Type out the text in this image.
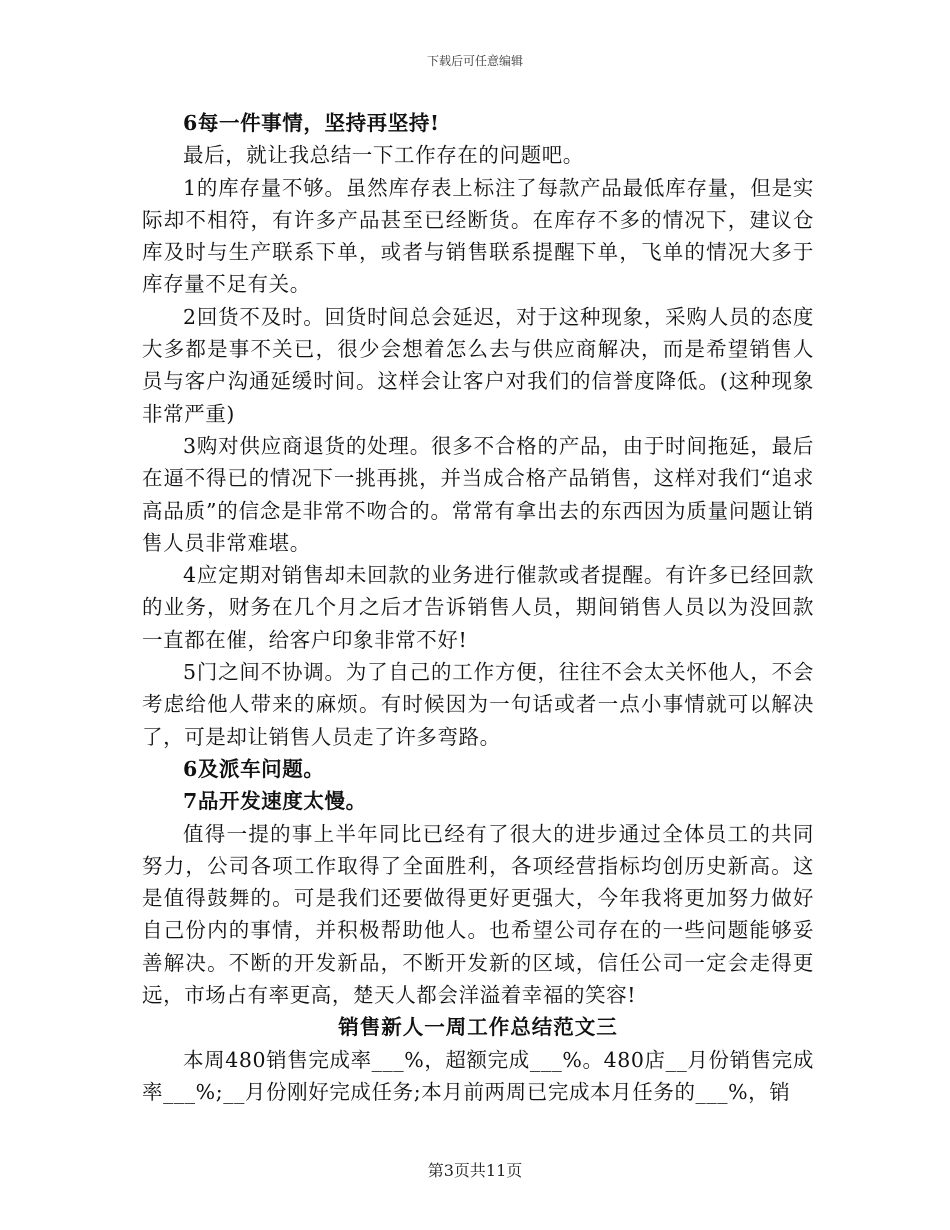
下载后可任意编辑

6每一件事情，坚持再坚持!

最后，就让我总结一下工作存在的问题吧。

1的库存量不够。虽然库存表上标注了每款产品最低库存量，但是实际却不相符，有许多产品甚至已经断货。在库存不多的情况下，建议仓库及时与生产联系下单，或者与销售联系提醒下单，飞单的情况大多于库存量不足有关。

2回货不及时。回货时间总会延迟，对于这种现象，采购人员的态度大多都是事不关已，很少会想着怎么去与供应商解决，而是希望销售人员与客户沟通延缓时间。这样会让客户对我们的信誉度降低。(这种现象非常严重)

3购对供应商退货的处理。很多不合格的产品，由于时间拖延，最后在逼不得已的情况下一挑再挑，并当成合格产品销售，这样对我们“追求高品质”的信念是非常不吻合的。常常有拿出去的东西因为质量问题让销售人员非常难堪。

4应定期对销售却未回款的业务进行催款或者提醒。有许多已经回款的业务，财务在几个月之后才告诉销售人员，期间销售人员以为没回款一直都在催，给客户印象非常不好!

5门之间不协调。为了自己的工作方便，往往不会太关怀他人，不会考虑给他人带来的麻烦。有时候因为一句话或者一点小事情就可以解决了，可是却让销售人员走了许多弯路。

6及派车问题。

7品开发速度太慢。

值得一提的事上半年同比已经有了很大的进步通过全体员工的共同努力，公司各项工作取得了全面胜利，各项经营指标均创历史新高。这是值得鼓舞的。可是我们还要做得更好更强大，今年我将更加努力做好自己份内的事情，并积极帮助他人。也希望公司存在的一些问题能够妥善解决。不断的开发新品，不断开发新的区域，信任公司一定会走得更远，市场占有率更高，楚天人都会洋溢着幸福的笑容!

销售新人一周工作总结范文三

本周480销售完成率___%，超额完成___%。480店__月份销售完成率___%;__月份刚好完成任务;本月前两周已完成本月任务的___%，销

第3页共11页
